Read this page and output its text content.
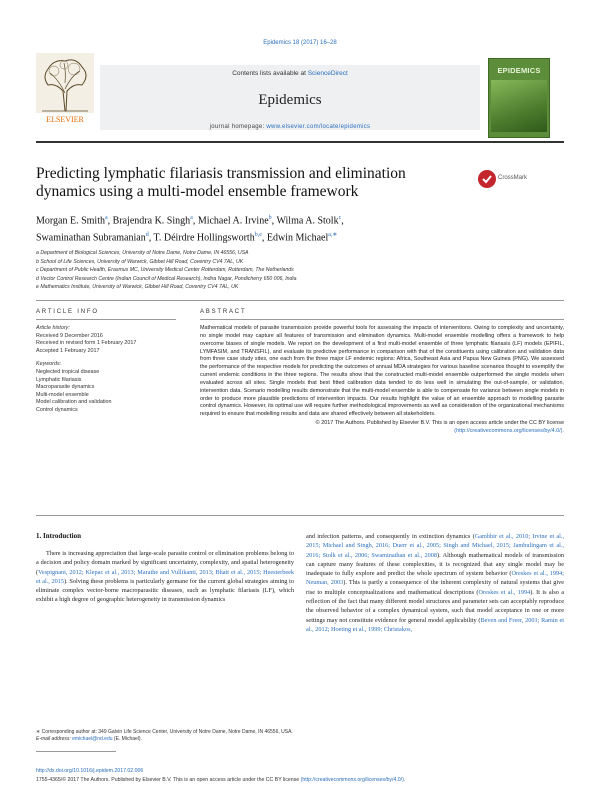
Epidemics 18 (2017) 16–28
ELSEVIER
Contents lists available at ScienceDirect
Epidemics
journal homepage: www.elsevier.com/locate/epidemics
EPIDEMICS
Predicting lymphatic filariasis transmission and elimination dynamics using a multi-model ensemble framework
CrossMark
Morgan E. Smith$^a$, Brajendra K. Singh$^a$, Michael A. Irvine$^b$, Wilma A. Stolk$^c$,
Swaminathan Subramanian$^d$, T. Déirdre Hollingsworth$^{b,e}$, Edwin Michael$^{a,∗}$
a Department of Biological Sciences, University of Notre Dame, Notre Dame, IN 46556, USA
b School of Life Sciences, University of Warwick, Gibbet Hill Road, Coventry CV4 7AL, UK
c Department of Public Health, Erasmus MC, University Medical Center Rotterdam, Rotterdam, The Netherlands
d Vector Control Research Centre (Indian Council of Medical Research), Indira Nagar, Pondicherry 650 006, India
e Mathematics Institute, University of Warwick, Gibbet Hill Road, Coventry CV4 7AL, UK
ARTICLE INFO	ABSTRACT
Article history:
Received 9 December 2016
Received in revised form 1 February 2017
Accepted 1 February 2017
Keywords:
Neglected tropical disease
Lymphatic filariasis
Macroparasite dynamics
Multi-model ensemble
Model calibration and validation
Control dynamics
Mathematical models of parasite transmission provide powerful tools for assessing the impacts of interventions. Owing to complexity and uncertainty, no single model may capture all features of transmission and elimination dynamics. Multi-model ensemble modelling offers a framework to help overcome biases of single models. We report on the development of a first multi-model ensemble of three lymphatic filariasis (LF) models (EPIFIL, LYMFASIM, and TRANSFIL), and evaluate its predictive performance in comparison with that of the constituents using calibration and validation data from three case study sites, one each from the three major LF endemic regions: Africa, Southeast Asia and Papua New Guinea (PNG). We assessed the performance of the respective models for predicting the outcomes of annual MDA strategies for various baseline scenarios thought to exemplify the current endemic conditions in the three regions. The results show that the constructed multi-model ensemble outperformed the single models when evaluated across all sites. Single models that best fitted calibration data tended to do less well in simulating the out-of-sample, or validation, intervention data. Scenario modelling results demonstrate that the multi-model ensemble is able to compensate for variance between single models in order to produce more plausible predictions of intervention impacts. Our results highlight the value of an ensemble approach to modelling parasite control dynamics. However, its optimal use will require further methodological improvements as well as consideration of the organizational mechanisms required to ensure that modelling results and data are shared effectively between all stakeholders.
© 2017 The Authors. Published by Elsevier B.V. This is an open access article under the CC BY license
(http://creativecommons.org/licenses/by/4.0/).
1. Introduction
There is increasing appreciation that large-scale parasite control or elimination problems belong to a decision and policy domain marked by significant uncertainty, complexity, and spatial heterogeneity (Vespignani, 2012; Klepac et al., 2013; Marathe and Vullikanti, 2013; Bhatt et al., 2015; Heesterbeek et al., 2015). Solving these problems is particularly germane for the current global strategies aiming to eliminate complex vector-borne macroparasitic diseases, such as lymphatic filariasis (LF), which exhibit a high degree of geographic heterogeneity in transmission dynamics
and infection patterns, and consequently in extinction dynamics (Gambhir et al., 2010; Irvine et al., 2015; Michael and Singh, 2016; Duerr et al., 2005; Singh and Michael, 2015; Jambulingam et al., 2016; Stolk et al., 2006; Swaminathan et al., 2008). Although mathematical models of transmission can capture many features of these complexities, it is recognized that any single model may be inadequate to fully explore and predict the whole spectrum of system behavior (Oreskes et al., 1994; Neuman, 2003). This is partly a consequence of the inherent complexity of natural systems that give rise to multiple conceptualizations and mathematical descriptions (Oreskes et al., 1994). It is also a reflection of the fact that many different model structures and parameter sets can acceptably reproduce the observed behavior of a complex dynamical system, such that model acceptance in one or more settings may not constitute evidence for general model applicability (Beven and Freer, 2001; Ramin et al., 2012; Hoeting et al., 1999; Christakos,
∗ Corresponding author at: 349 Galvin Life Science Center, University of Notre Dame, Notre Dame, IN 46556, USA.
E-mail address: emichael@nd.edu (E. Michael).
http://dx.doi.org/10.1016/j.epidem.2017.02.006
1755-4365/© 2017 The Authors. Published by Elsevier B.V. This is an open access article under the CC BY license (http://creativecommons.org/licenses/by/4.0/).
